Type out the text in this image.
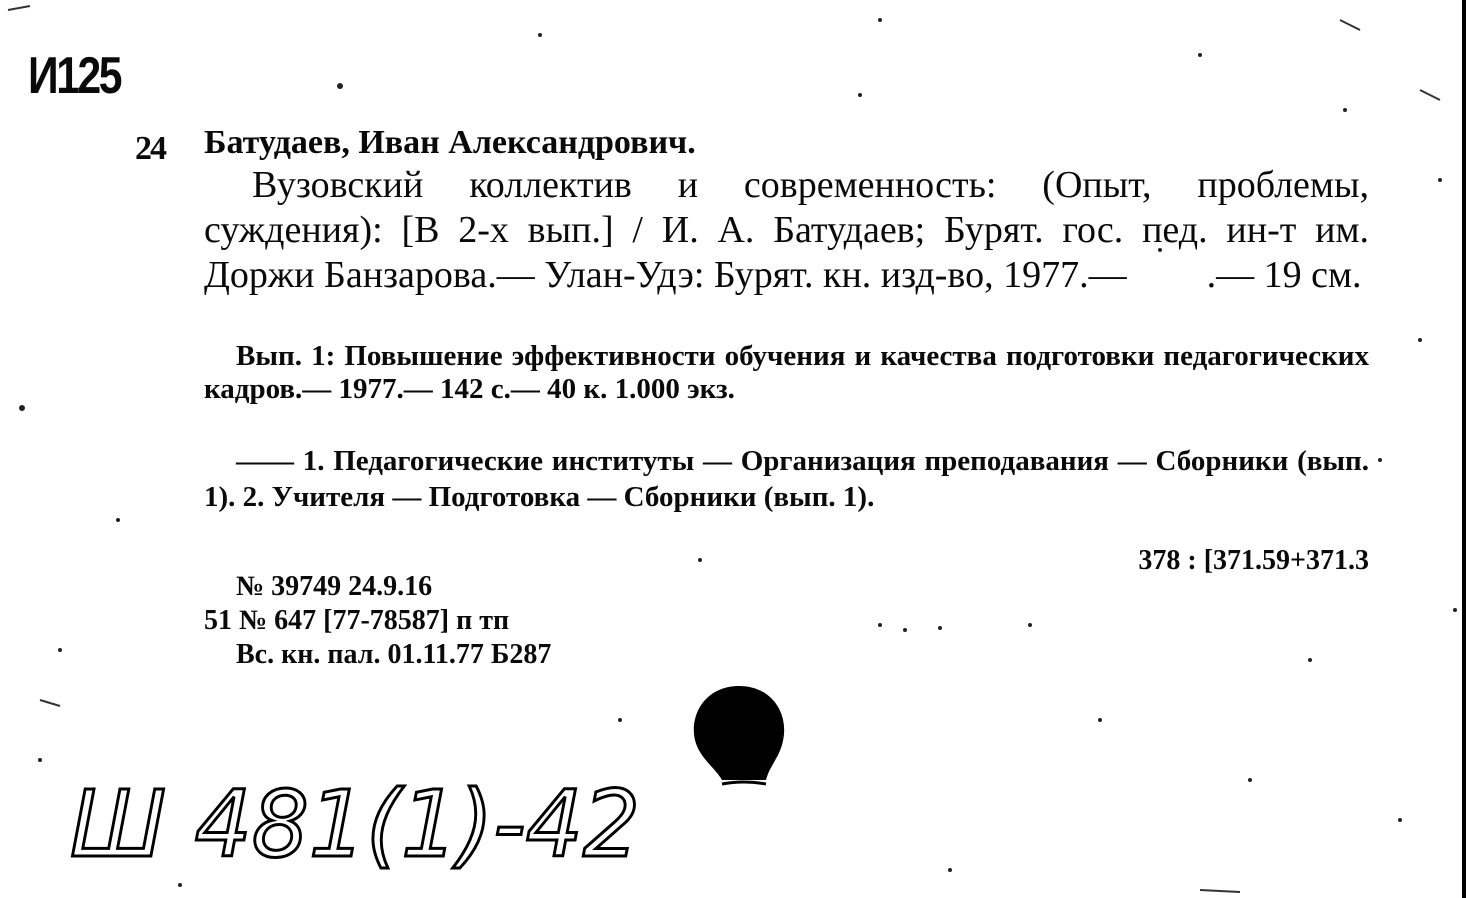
И125
24 Батудаев, Иван Александрович.
Вузовский коллектив и современность: (Опыт, проблемы, суждения): [В 2-х вып.] / И. А. Батудаев; Бурят. гос. пед. ин-т им. Доржи Банзарова.— Улан-Удэ: Бурят. кн. изд-во, 1977.— .— 19 см.
Вып. 1: Повышение эффективности обучения и качества подготовки педагогических кадров.— 1977.— 142 с.— 40 к. 1.000 экз.
—— 1. Педагогические институты — Организация преподавания — Сборники (вып. 1). 2. Учителя — Подготовка — Сборники (вып. 1).
378 : [371.59+371.3
№ 39749 24.9.16
51 № 647 [77-78587] п тп
Вс. кн. пал. 01.11.77 Б287
Ш 481(1)-42
